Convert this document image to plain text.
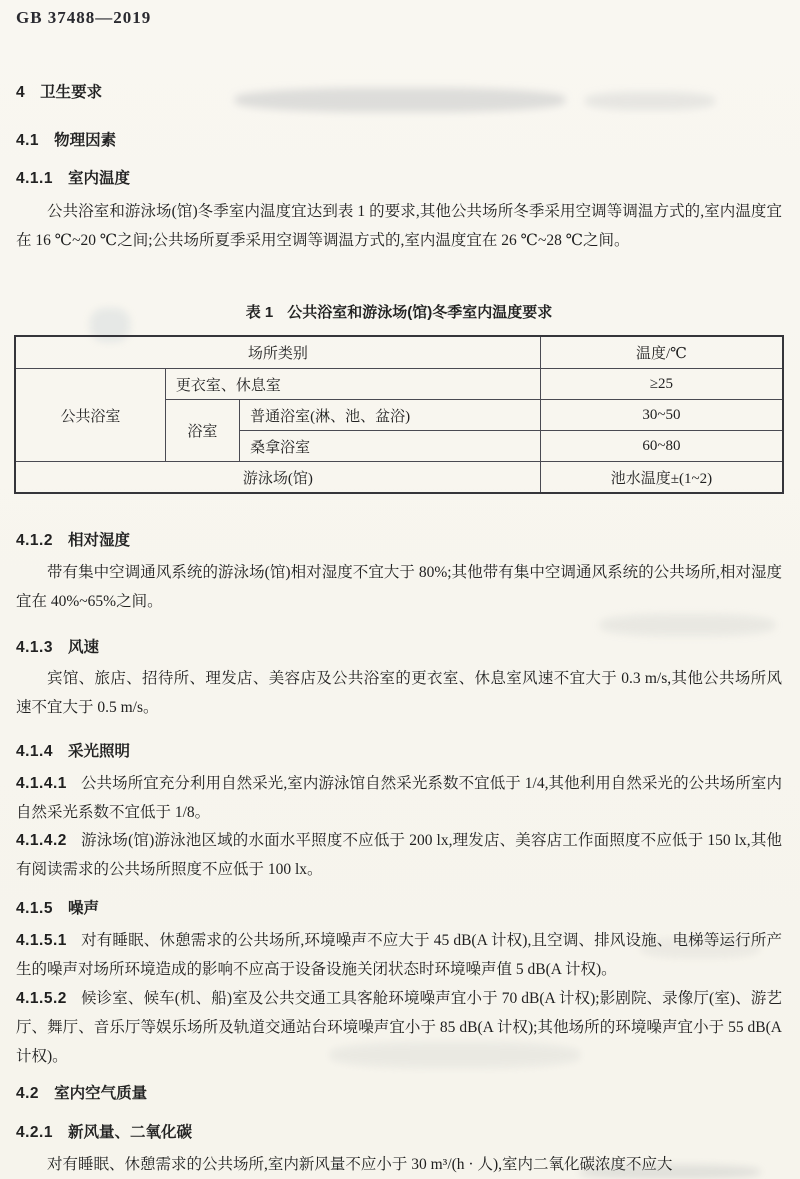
GB 37488—2019
4 卫生要求
4.1 物理因素
4.1.1 室内温度
公共浴室和游泳场(馆)冬季室内温度宜达到表 1 的要求,其他公共场所冬季采用空调等调温方式的,室内温度宜在 16 ℃~20 ℃之间;公共场所夏季采用空调等调温方式的,室内温度宜在 26 ℃~28 ℃之间。
表 1 公共浴室和游泳场(馆)冬季室内温度要求
场所类别			温度/℃
公共浴室	更衣室、休息室		≥25
	浴室	普通浴室(淋、池、盆浴)	30~50
		桑拿浴室	60~80
游泳场(馆)			池水温度±(1~2)
4.1.2 相对湿度
带有集中空调通风系统的游泳场(馆)相对湿度不宜大于 80%;其他带有集中空调通风系统的公共场所,相对湿度宜在 40%~65%之间。
4.1.3 风速
宾馆、旅店、招待所、理发店、美容店及公共浴室的更衣室、休息室风速不宜大于 0.3 m/s,其他公共场所风速不宜大于 0.5 m/s。
4.1.4 采光照明
4.1.4.1 公共场所宜充分利用自然采光,室内游泳馆自然采光系数不宜低于 1/4,其他利用自然采光的公共场所室内自然采光系数不宜低于 1/8。
4.1.4.2 游泳场(馆)游泳池区域的水面水平照度不应低于 200 lx,理发店、美容店工作面照度不应低于 150 lx,其他有阅读需求的公共场所照度不应低于 100 lx。
4.1.5 噪声
4.1.5.1 对有睡眠、休憩需求的公共场所,环境噪声不应大于 45 dB(A 计权),且空调、排风设施、电梯等运行所产生的噪声对场所环境造成的影响不应高于设备设施关闭状态时环境噪声值 5 dB(A 计权)。
4.1.5.2 候诊室、候车(机、船)室及公共交通工具客舱环境噪声宜小于 70 dB(A 计权);影剧院、录像厅(室)、游艺厅、舞厅、音乐厅等娱乐场所及轨道交通站台环境噪声宜小于 85 dB(A 计权);其他场所的环境噪声宜小于 55 dB(A 计权)。
4.2 室内空气质量
4.2.1 新风量、二氧化碳
对有睡眠、休憩需求的公共场所,室内新风量不应小于 30 m³/(h · 人),室内二氧化碳浓度不应大
